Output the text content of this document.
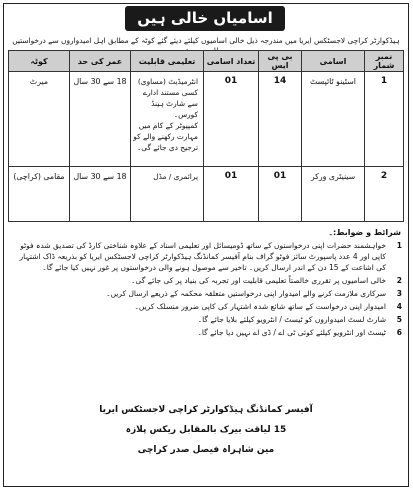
اسامیاں خالی ہیں
ہیڈکوارٹر کراچی لاجسٹکس ایریا میں مندرجہ ذیل خالی اسامیوں کیلئے دیئے گئے کوٹہ کے مطابق اہل امیدواروں سے درخواستیں
نمبر شمار	اسامی	بی پی ایس	تعداد اسامی	تعلیمی قابلیت	عمر کی حد	کوٹہ
1	اسٹینو ٹائپسٹ	14	01	انٹرمیڈیٹ (مساوی)
کسی مستند ادارے سے شارٹ ہینڈ کورس۔
کمپیوٹر کے کام میں مہارت رکھنے والے کو
ترجیح دی جائے گی۔	18 سے 30 سال	میرٹ
2	سینیٹری ورکر	01	01	پرائمری / مڈل	18 سے 30 سال	مقامی (کراچی)
شرائط و ضوابط:۔
1
خواہشمند حضرات اپنی درخواستوں کے ساتھ ڈومیسائل اور تعلیمی اسناد کے علاوہ شناختی کارڈ کی تصدیق شدہ فوٹو کاپی اور 4 عدد پاسپورٹ سائز فوٹو گراف بنام آفیسر کمانڈنگ ہیڈکوارٹر کراچی لاجسٹکس ایریا کو بذریعہ ڈاک اشتہار کی اشاعت کے 15 دن کے اندر ارسال کریں۔ تاخیر سے موصول ہونے والی درخواستوں پر غور نہیں کیا جائے گا۔
2
خالی اسامیوں پر تقرری خالصتاً تعلیمی قابلیت اور تجربہ کی بنیاد پر کی جائے گی۔
3
سرکاری ملازمت کرنے والے امیدوار اپنی درخواستیں متعلقہ محکمہ کے ذریعے ارسال کریں۔
4
امیدوار اپنی درخواست کے ساتھ شائع شدہ اشتہار کی کاپی ضرور منسلک کریں۔
5
شارٹ لسٹ امیدواروں کو ٹیسٹ / انٹرویو کیلئے بلایا جائے گا۔
6
ٹیسٹ اور انٹرویو کیلئے کوئی ٹی اے / ڈی اے نہیں دیا جائے گا۔
آفیسر کمانڈنگ ہیڈکوارٹر کراچی لاجسٹکس ایریا
15 لیاقت بیرک بالمقابل ریکس پلازہ
مین شاہراہ فیصل صدر کراچی
